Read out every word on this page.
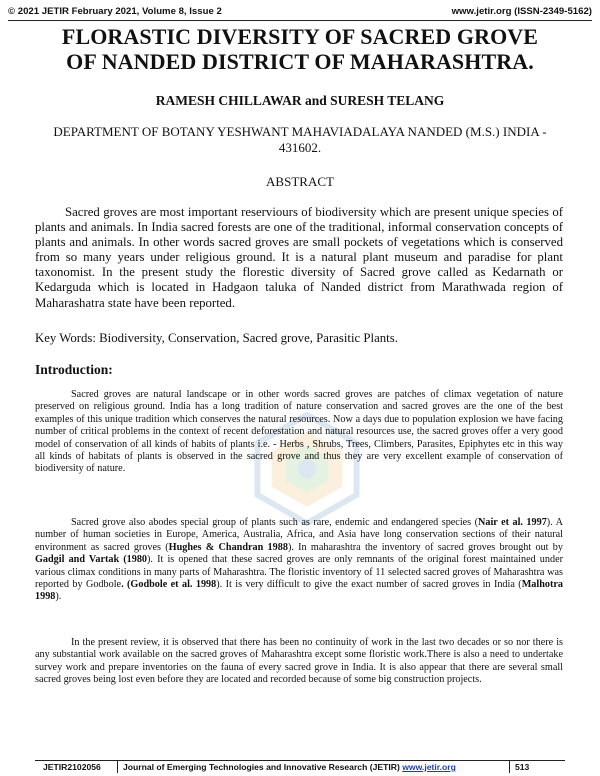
© 2021 JETIR February 2021, Volume 8, Issue 2	www.jetir.org (ISSN-2349-5162)
FLORASTIC DIVERSITY OF SACRED GROVE
OF NANDED DISTRICT OF MAHARASHTRA.
RAMESH CHILLAWAR and SURESH TELANG
DEPARTMENT OF BOTANY YESHWANT MAHAVIADALAYA NANDED (M.S.) INDIA - 431602.
ABSTRACT

Sacred groves are most important reserviours of biodiversity which are present unique species of plants and animals. In India sacred forests are one of the traditional, informal conservation concepts of plants and animals. In other words sacred groves are small pockets of vegetations which is conserved from so many years under religious ground. It is a natural plant museum and paradise for plant taxonomist. In the present study the florestic diversity of Sacred grove called as Kedarnath or Kedarguda which is located in Hadgaon taluka of Nanded district from Marathwada region of Maharashatra state have been reported.

Key Words: Biodiversity, Conservation, Sacred grove, Parasitic Plants.

Introduction:

Sacred groves are natural landscape or in other words sacred groves are patches of climax vegetation of nature preserved on religious ground. India has a long tradition of nature conservation and sacred groves are the one of the best examples of this unique tradition which conserves the natural resources. Now a days due to population explosion we have facing number of critical problems in the context of recent deforestation and natural resources use, the sacred groves offer a very good model of conservation of all kinds of habits of plants i.e. - Herbs , Shrubs, Trees, Climbers, Parasites, Epiphytes etc in this way all kinds of habitats of plants is observed in the sacred grove and thus they are very excellent example of conservation of biodiversity of nature.

Sacred grove also abodes special group of plants such as rare, endemic and endangered species (Nair et al. 1997). A number of human societies in Europe, America, Australia, Africa, and Asia have long conservation sections of their natural environment as sacred groves (Hughes & Chandran 1988). In maharashtra the inventory of sacred groves brought out by Gadgil and Vartak (1980). It is opened that these sacred groves are only remnants of the original forest maintained under various climax conditions in many parts of Maharashtra. The floristic inventory of 11 selected sacred groves of Maharashtra was reported by Godbole. (Godbole et al. 1998). It is very difficult to give the exact number of sacred groves in India (Malhotra 1998).

In the present review, it is observed that there has been no continuity of work in the last two decades or so nor there is any substantial work available on the sacred groves of Maharashtra except some floristic work.There is also a need to undertake survey work and prepare inventories on the fauna of every sacred grove in India. It is also appear that there are several small sacred groves being lost even before they are located and recorded because of some big construction projects.

JETIR2102056	Journal of Emerging Technologies and Innovative Research (JETIR) www.jetir.org	513
